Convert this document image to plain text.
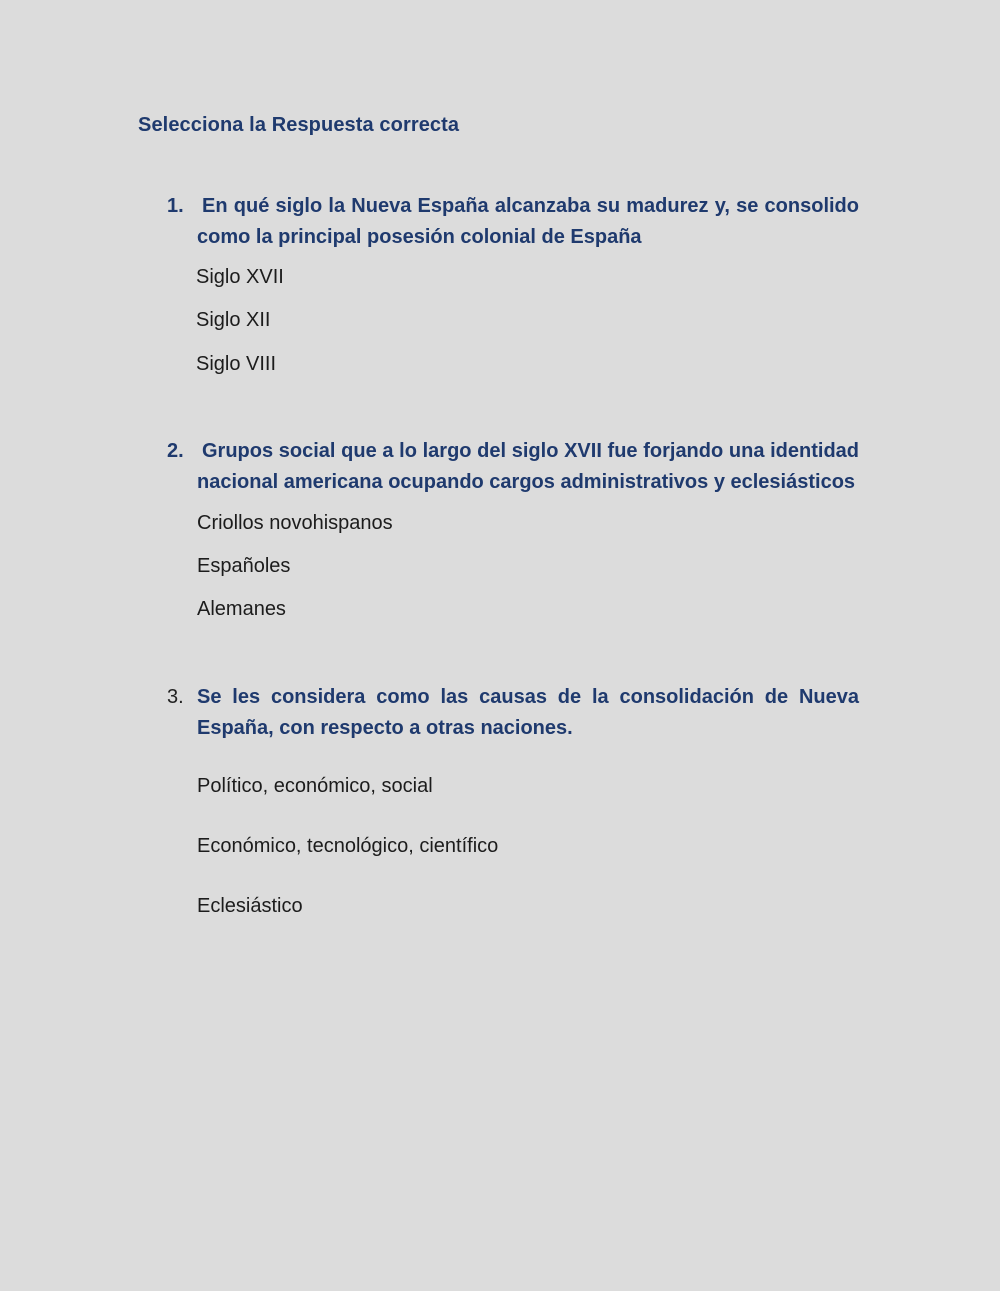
Selecciona la Respuesta correcta
1. En qué siglo la Nueva España alcanzaba su madurez y, se consolido como la principal posesión colonial de España
Siglo XVII
Siglo XII
Siglo VIII
2. Grupos social que a lo largo del siglo XVII fue forjando una identidad nacional americana ocupando cargos administrativos y eclesiásticos
Criollos novohispanos
Españoles
Alemanes
3. Se les considera como las causas de la consolidación de Nueva España, con respecto a otras naciones.
Político, económico, social
Económico, tecnológico, científico
Eclesiástico
